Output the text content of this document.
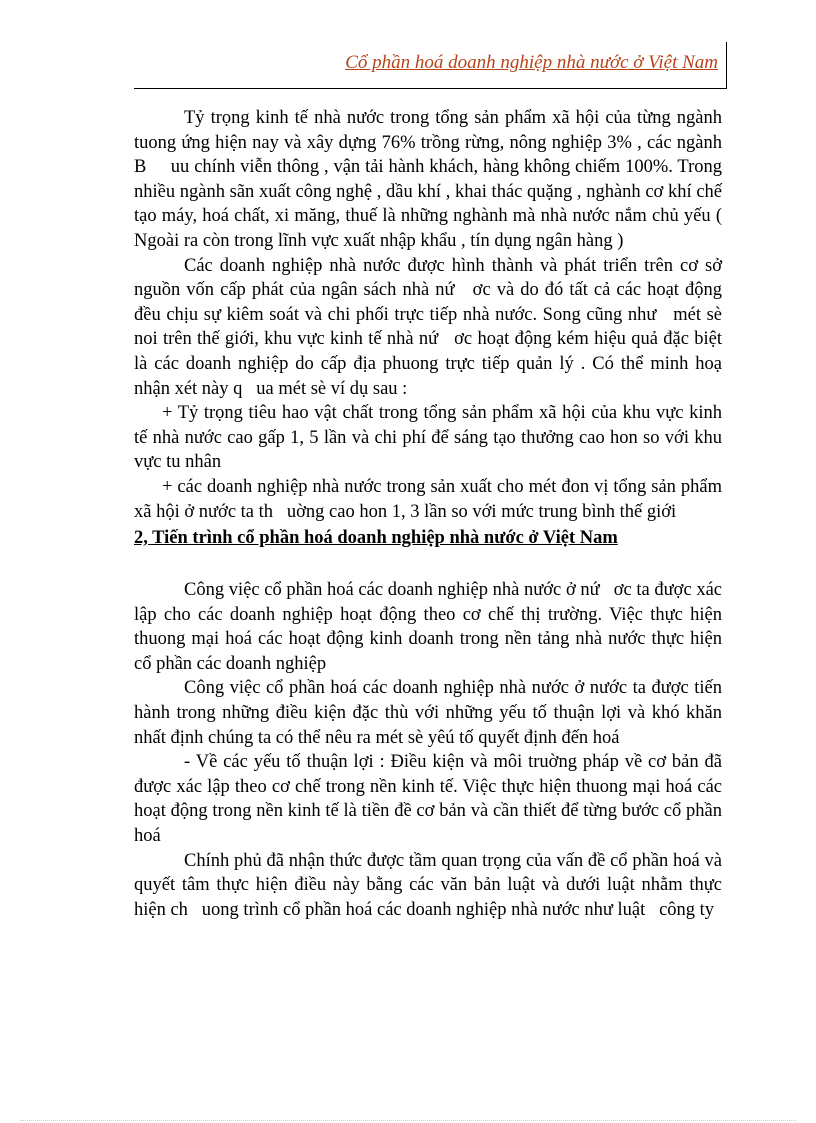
Cổ phần hoá doanh nghiệp nhà nước ở Việt Nam

Tỷ trọng kinh tế nhà nước trong tổng sản phẩm xã hội của từng ngành tuong ứng hiện nay và xây dựng 76% trồng rừng, nông nghiệp 3% , các ngành B     uu chính viễn thông , vận tải hành khách, hàng không chiếm 100%. Trong nhiều ngành sãn xuất công nghệ , dầu khí , khai thác quặng , nghành cơ khí chế tạo máy, hoá chất, xi măng, thuế là những nghành mà nhà nước nắm chủ yếu ( Ngoài ra còn trong lĩnh vực xuất nhập khẩu , tín dụng ngân hàng )

Các doanh nghiệp nhà nước được hình thành và phát triển trên cơ sở nguồn vốn cấp phát của ngân sách nhà nứ   ơc và do đó tất cả các hoạt động đều chịu sự kiêm soát và chi phối trực tiếp nhà nước. Song cũng như   mét sè noi trên thế giới, khu vực kinh tế nhà nứ   ơc hoạt động kém hiệu quả đặc biệt là các doanh nghiệp do cấp địa phuong trực tiếp quản lý . Có thể minh hoạ nhận xét này q   ua mét sè ví dụ sau :

+ Tỷ trọng tiêu hao vật chất trong tổng sản phẩm xã hội của khu vực kinh tế nhà nước cao gấp 1, 5 lần và chi phí để sáng tạo thưởng cao hon so với khu vực tu nhân

+ các doanh nghiệp nhà nước trong sản xuất cho mét đon vị tổng sản phẩm xã hội ở nước ta th   uờng cao hon 1, 3 lần so với mức trung bình thế giới

2, Tiến trình cổ phần hoá doanh nghiệp nhà nước ở Việt Nam

Công việc cổ phần hoá các doanh nghiệp nhà nước ở nứ   ơc ta được xác lập cho các doanh nghiệp hoạt động theo cơ chế thị trường. Việc thực hiện thuong mại hoá các hoạt động kinh doanh trong nền tảng nhà nước thực hiện cổ phần các doanh nghiệp

Công việc cổ phần hoá các doanh nghiệp nhà nước ở nước ta được tiến hành trong những điều kiện đặc thù với những yếu tố thuận lợi và khó khăn nhất định chúng ta có thể nêu ra mét sè yêú tố quyết định đến hoá

- Về các yếu tố thuận lợi : Điều kiện và môi truờng pháp về cơ bản đã được xác lập theo cơ chế trong nền kinh tế. Việc thực hiện thuong mại hoá các hoạt động trong nền kinh tế là tiền đề cơ bản và cần thiết để từng bước cổ phần hoá

Chính phủ đã nhận thức được tầm quan trọng của vấn đề cổ phần hoá và quyết tâm thực hiện điều này bằng các văn bản luật và dưới luật nhằm thực hiện ch   uong trình cổ phần hoá các doanh nghiệp nhà nước như luật   công ty
